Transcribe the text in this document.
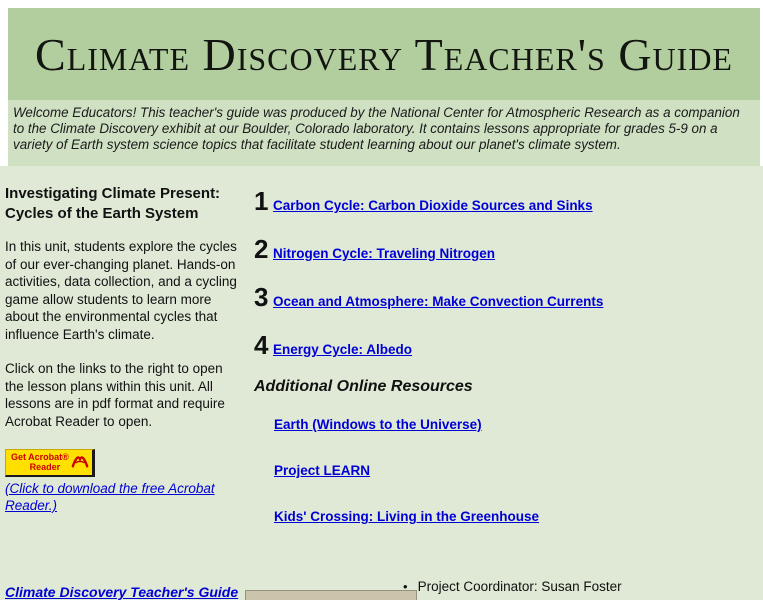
Climate Discovery Teacher's Guide

Welcome Educators! This teacher's guide was produced by the National Center for Atmospheric Research as a companion to the Climate Discovery exhibit at our Boulder, Colorado laboratory. It contains lessons appropriate for grades 5-9 on a variety of Earth system science topics that facilitate student learning about our planet's climate system.

Investigating Climate Present: Cycles of the Earth System

In this unit, students explore the cycles of our ever-changing planet. Hands-on activities, data collection, and a cycling game allow students to learn more about the environmental cycles that influence Earth's climate.

Click on the links to the right to open the lesson plans within this unit. All lessons are in pdf format and require Acrobat Reader to open.

Get Acrobat®
Reader
(Click to download the free Acrobat Reader.)
1 Carbon Cycle: Carbon Dioxide Sources and Sinks
2 Nitrogen Cycle: Traveling Nitrogen
3 Ocean and Atmosphere: Make Convection Currents
4 Energy Cycle: Albedo
Additional Online Resources
Earth (Windows to the Universe)
Project LEARN
Kids' Crossing: Living in the Greenhouse
Climate Discovery Teacher's Guide	• Project Coordinator: Susan Foster
